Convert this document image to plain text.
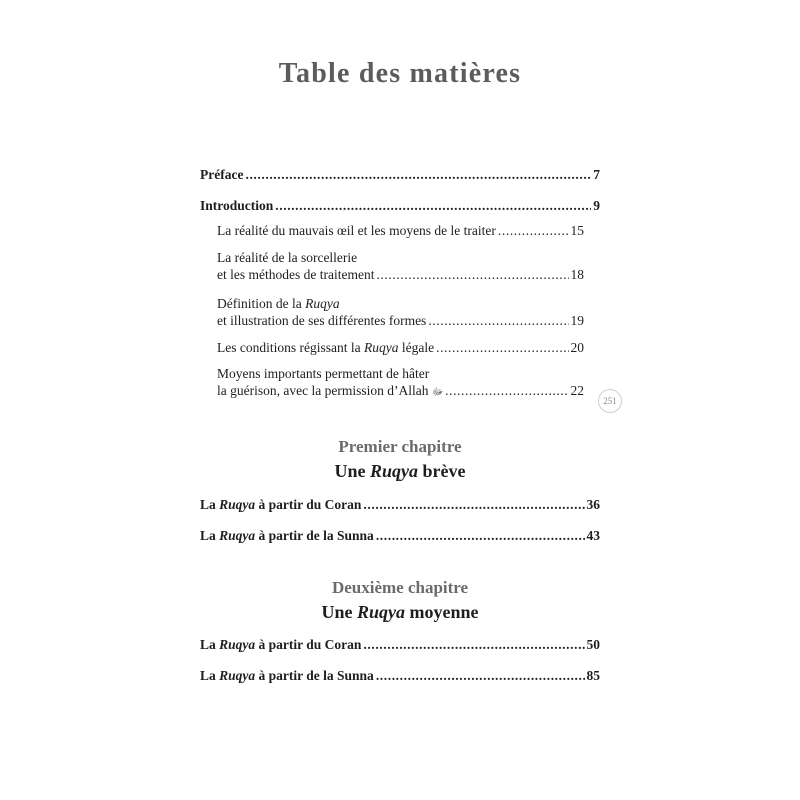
Table des matières
Préface .....	7
Introduction .....	9
La réalité du mauvais œil et les moyens de le traiter .....	15
La réalité de la sorcellerie
et les méthodes de traitement .....	18
Définition de la Ruqya
et illustration de ses différentes formes .....	19
Les conditions régissant la Ruqya légale .....	20
Moyens importants permettant de hâter
la guérison, avec la permission d’Allah ﷻ .....	22
251
Premier chapitre
Une Ruqya brève
La Ruqya à partir du Coran .....	36
La Ruqya à partir de la Sunna .....	43
Deuxième chapitre
Une Ruqya moyenne
La Ruqya à partir du Coran .....	50
La Ruqya à partir de la Sunna .....	85
